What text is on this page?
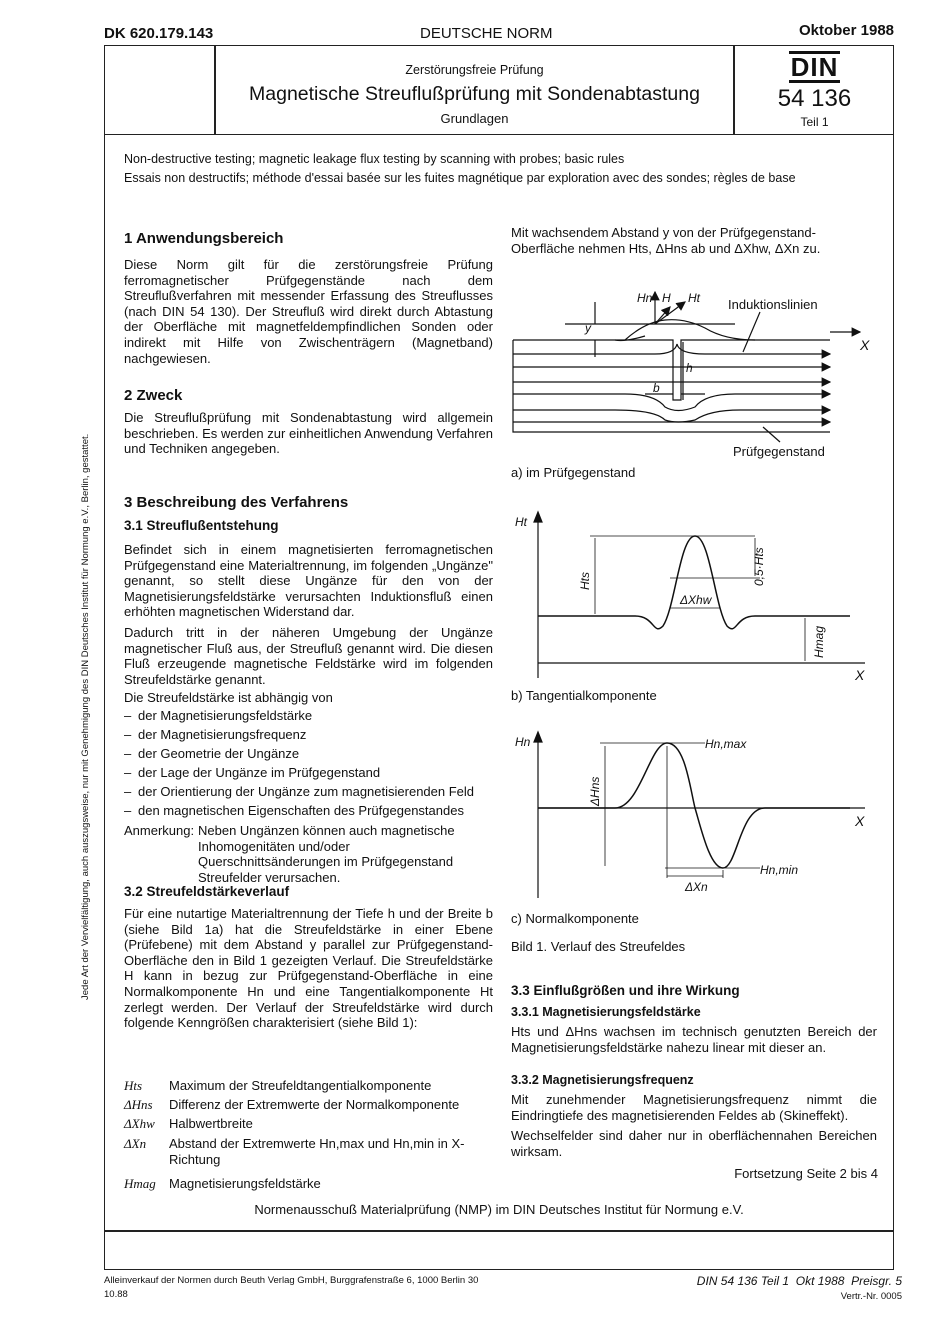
DK 620.179.143	DEUTSCHE NORM	Oktober 1988
Zerstörungsfreie Prüfung
Magnetische Streuflußprüfung mit Sondenabtastung
Grundlagen
DIN
54 136
Teil 1
Non-destructive testing; magnetic leakage flux testing by scanning with probes; basic rules
Essais non destructifs; méthode d'essai basée sur les fuites magnétique par exploration avec des sondes; règles de base
Jede Art der Vervielfältigung, auch auszugsweise, nur mit Genehmigung des DIN Deutsches Institut für Normung e.V., Berlin, gestattet.
1 Anwendungsbereich
Diese Norm gilt für die zerstörungsfreie Prüfung ferromagnetischer Prüfgegenstände nach dem Streuflußverfahren mit messender Erfassung des Streuflusses (nach DIN 54 130). Der Streufluß wird direkt durch Abtastung der Oberfläche mit magnetfeldempfindlichen Sonden oder indirekt mit Hilfe von Zwischenträgern (Magnetband) nachgewiesen.
2 Zweck
Die Streuflußprüfung mit Sondenabtastung wird allgemein beschrieben. Es werden zur einheitlichen Anwendung Verfahren und Techniken angegeben.
3 Beschreibung des Verfahrens
3.1 Streuflußentstehung
Befindet sich in einem magnetisierten ferromagnetischen Prüfgegenstand eine Materialtrennung, im folgenden „Ungänze" genannt, so stellt diese Ungänze für den von der Magnetisierungsfeldstärke verursachten Induktionsfluß einen erhöhten magnetischen Widerstand dar.
Dadurch tritt in der näheren Umgebung der Ungänze magnetischer Fluß aus, der Streufluß genannt wird. Die diesen Fluß erzeugende magnetische Feldstärke wird im folgenden Streufeldstärke genannt.
Die Streufeldstärke ist abhängig von
– der Magnetisierungsfeldstärke
– der Magnetisierungsfrequenz
– der Geometrie der Ungänze
– der Lage der Ungänze im Prüfgegenstand
– der Orientierung der Ungänze zum magnetisierenden Feld
– den magnetischen Eigenschaften des Prüfgegenstandes
Anmerkung: Neben Ungänzen können auch magnetische Inhomogenitäten und/oder Querschnittsänderungen im Prüfgegenstand Streufelder verursachen.
3.2 Streufeldstärkeverlauf
Für eine nutartige Materialtrennung der Tiefe h und der Breite b (siehe Bild 1a) hat die Streufeldstärke in einer Ebene (Prüfebene) mit dem Abstand y parallel zur Prüfgegenstand-Oberfläche den in Bild 1 gezeigten Verlauf. Die Streufeldstärke H kann in bezug zur Prüfgegenstand-Oberfläche in eine Normalkomponente Hn und eine Tangentialkomponente Ht zerlegt werden. Der Verlauf der Streufeldstärke wird durch folgende Kenngrößen charakterisiert (siehe Bild 1):
Hts	Maximum der Streufeldtangentialkomponente
ΔHns	Differenz der Extremwerte der Normalkomponente
ΔXhw	Halbwertbreite
ΔXn	Abstand der Extremwerte Hn,max und Hn,min in X-Richtung
Hmag	Magnetisierungsfeldstärke
Mit wachsendem Abstand y von der Prüfgegenstand-Oberfläche nehmen Hts, ΔHns ab und ΔXhw, ΔXn zu.
Hn H Ht Induktionslinien
X
y
h
b
Prüfgegenstand
a) im Prüfgegenstand
Ht
Hts	0,5·Hts
ΔXhw
Hmag
X
b) Tangentialkomponente
Hn	Hn,max
ΔHns
Hn,min
ΔXn
X
c) Normalkomponente
Bild 1. Verlauf des Streufeldes
3.3 Einflußgrößen und ihre Wirkung
3.3.1 Magnetisierungsfeldstärke
Hts und ΔHns wachsen im technisch genutzten Bereich der Magnetisierungsfeldstärke nahezu linear mit dieser an.
3.3.2 Magnetisierungsfrequenz
Mit zunehmender Magnetisierungsfrequenz nimmt die Eindringtiefe des magnetisierenden Feldes ab (Skineffekt).
Wechselfelder sind daher nur in oberflächennahen Bereichen wirksam.
Fortsetzung Seite 2 bis 4
Normenausschuß Materialprüfung (NMP) im DIN Deutsches Institut für Normung e.V.
Alleinverkauf der Normen durch Beuth Verlag GmbH, Burggrafenstraße 6, 1000 Berlin 30
10.88
DIN 54 136 Teil 1  Okt 1988  Preisgr. 5
Vertr.-Nr. 0005
